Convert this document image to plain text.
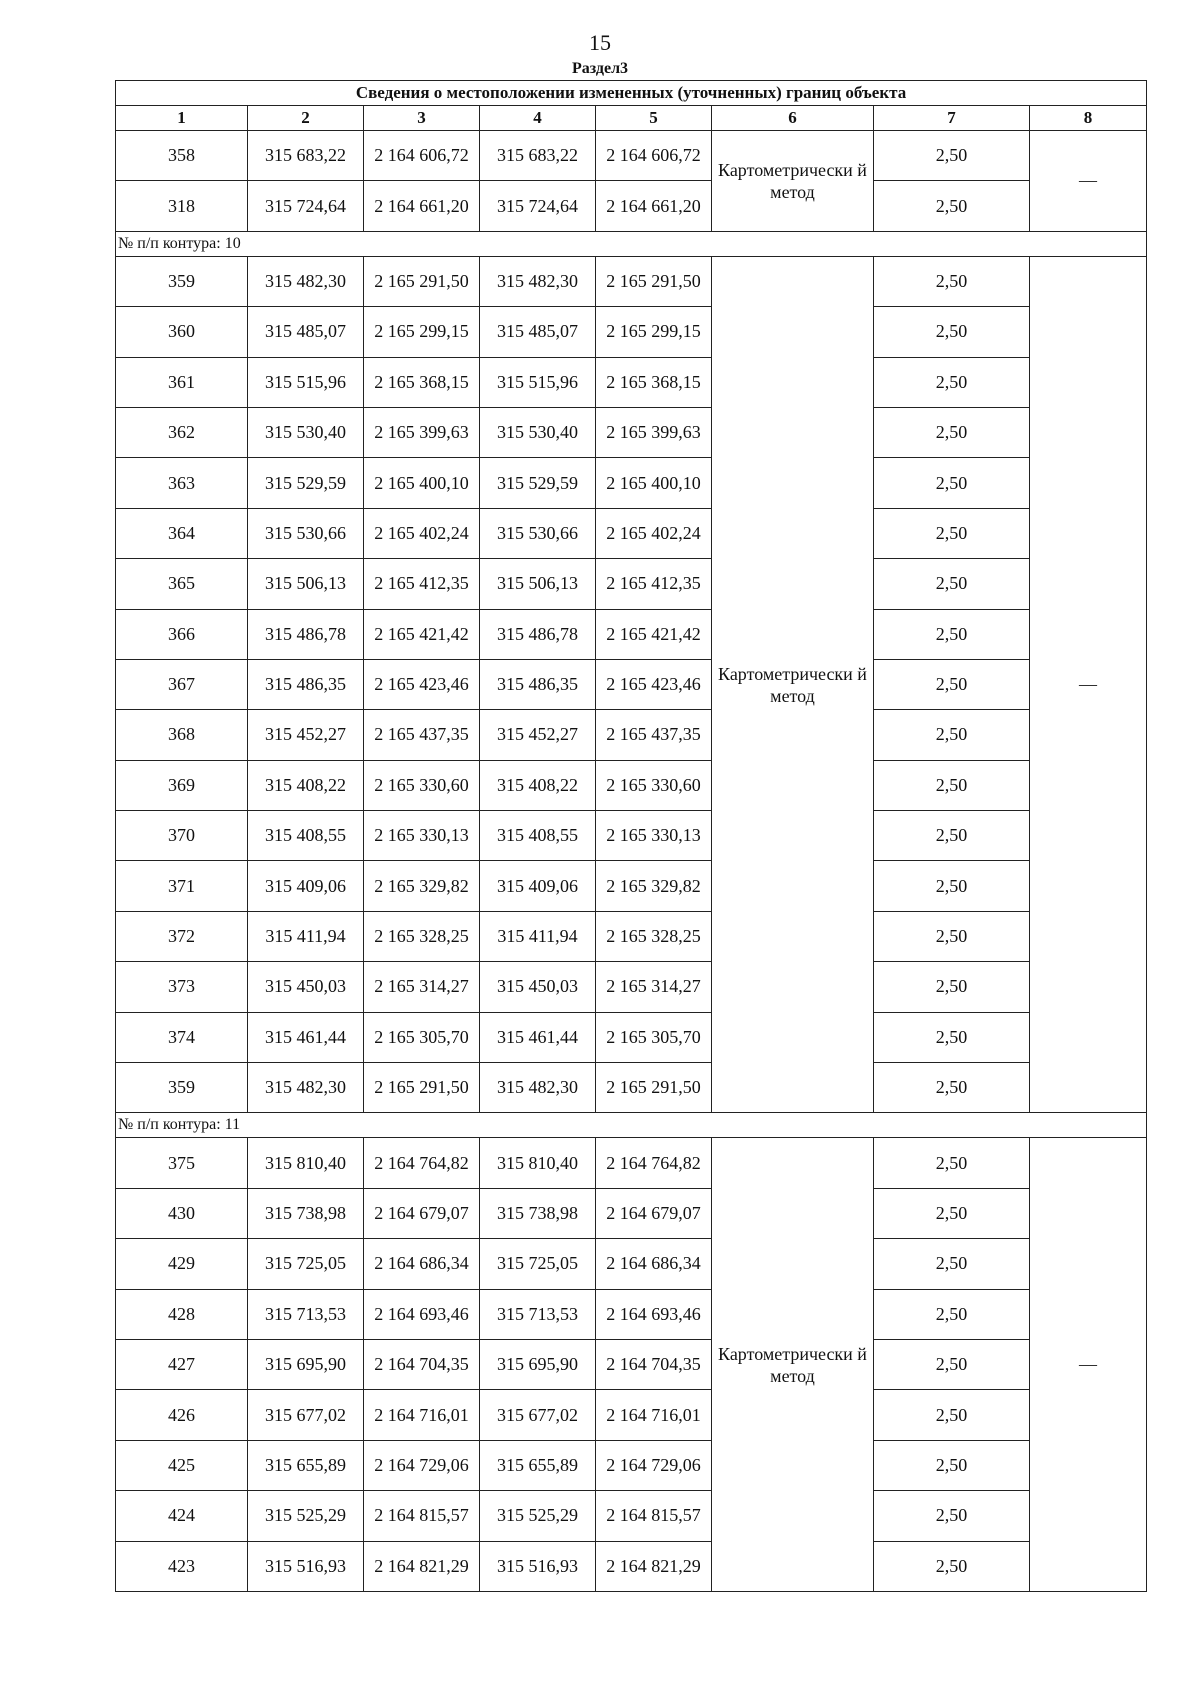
15
Раздел3
Сведения о местоположении измененных (уточненных) границ объекта							
1	2	3	4	5	6	7	8
358	315 683,22	2 164 606,72	315 683,22	2 164 606,72	Картометрически й метод	2,50	—
318	315 724,64	2 164 661,20	315 724,64	2 164 661,20		2,50	
№ п/п контура: 10							
359	315 482,30	2 165 291,50	315 482,30	2 165 291,50	Картометрически й метод	2,50	—
360	315 485,07	2 165 299,15	315 485,07	2 165 299,15		2,50	
361	315 515,96	2 165 368,15	315 515,96	2 165 368,15		2,50	
362	315 530,40	2 165 399,63	315 530,40	2 165 399,63		2,50	
363	315 529,59	2 165 400,10	315 529,59	2 165 400,10		2,50	
364	315 530,66	2 165 402,24	315 530,66	2 165 402,24		2,50	
365	315 506,13	2 165 412,35	315 506,13	2 165 412,35		2,50	
366	315 486,78	2 165 421,42	315 486,78	2 165 421,42		2,50	
367	315 486,35	2 165 423,46	315 486,35	2 165 423,46		2,50	
368	315 452,27	2 165 437,35	315 452,27	2 165 437,35		2,50	
369	315 408,22	2 165 330,60	315 408,22	2 165 330,60		2,50	
370	315 408,55	2 165 330,13	315 408,55	2 165 330,13		2,50	
371	315 409,06	2 165 329,82	315 409,06	2 165 329,82		2,50	
372	315 411,94	2 165 328,25	315 411,94	2 165 328,25		2,50	
373	315 450,03	2 165 314,27	315 450,03	2 165 314,27		2,50	
374	315 461,44	2 165 305,70	315 461,44	2 165 305,70		2,50	
359	315 482,30	2 165 291,50	315 482,30	2 165 291,50		2,50	
№ п/п контура: 11							
375	315 810,40	2 164 764,82	315 810,40	2 164 764,82	Картометрически й метод	2,50	—
430	315 738,98	2 164 679,07	315 738,98	2 164 679,07		2,50	
429	315 725,05	2 164 686,34	315 725,05	2 164 686,34		2,50	
428	315 713,53	2 164 693,46	315 713,53	2 164 693,46		2,50	
427	315 695,90	2 164 704,35	315 695,90	2 164 704,35		2,50	
426	315 677,02	2 164 716,01	315 677,02	2 164 716,01		2,50	
425	315 655,89	2 164 729,06	315 655,89	2 164 729,06		2,50	
424	315 525,29	2 164 815,57	315 525,29	2 164 815,57		2,50	
423	315 516,93	2 164 821,29	315 516,93	2 164 821,29		2,50	
